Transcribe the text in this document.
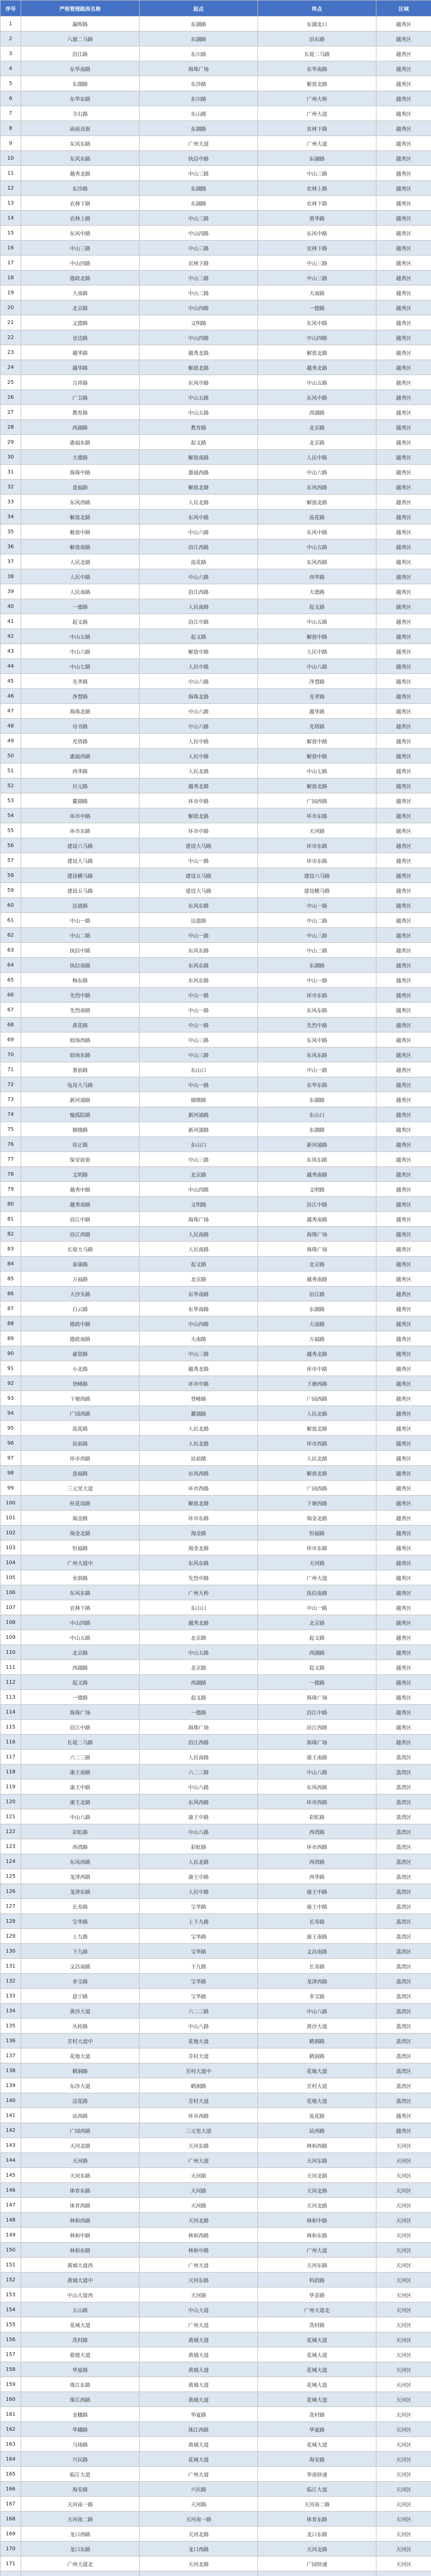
序号	严格管理路段名称	起点	终点	区域
1	凝晖路	东湖路	东湖北口	越秀区
2	八旗二马路	东湖路	沿东路	越秀区
3	沿江路	东川路	长堤二马路	越秀区
4	东华南路	海珠广场	东华南路	越秀区
5	东湖路	东沙路	解放北路	越秀区
6	东华东路	东川路	广州大桥	越秀区
7	寺右路	东山路	广州大道	越秀区
8	庙前直街	东湖路	农林下路	越秀区
9	东风东路	广州大道	广州大道	越秀区
10	东风东路	执信中路	东湖路	越秀区
11	越秀北路	中山三路	中山三路	越秀区
12	东沙路	东湖路	农林上路	越秀区
13	农林下路	东湖路	农林下路	越秀区
14	农林上路	中山三路	黄华路	越秀区
15	东风中路	中山四路	东风中路	越秀区
16	中山三路	中山三路	农林下路	越秀区
17	中山四路	农林下路	中山三路	越秀区
18	德政北路	中山三路	中山三路	越秀区
19	大南路	中山三路	大南路	越秀区
20	北京路	中山四路	一德路	越秀区
21	文德路	文明路	东风中路	越秀区
22	仓边路	中山四路	中山四路	越秀区
23	越华路	越秀北路	解放北路	越秀区
24	越华路	解放北路	越秀北路	越秀区
25	吉祥路	东风中路	中山五路	越秀区
26	广卫路	中山五路	东风中路	越秀区
27	教育路	中山五路	西湖路	越秀区
28	西湖路	教育路	北京路	越秀区
29	惠福东路	起义路	北京路	越秀区
30	大德路	解放南路	人民中路	越秀区
31	海珠中路	惠福西路	中山六路	越秀区
32	盘福路	解放北路	东风西路	越秀区
33	东风西路	人民北路	解放北路	越秀区
34	解放北路	东风中路	流花路	越秀区
35	解放中路	中山六路	东风中路	越秀区
36	解放南路	沿江西路	中山五路	越秀区
37	人民北路	流花路	东风西路	越秀区
38	人民中路	中山六路	西华路	越秀区
39	人民南路	沿江西路	大德路	越秀区
40	一德路	人民南路	起义路	越秀区
41	起义路	沿江中路	中山五路	越秀区
42	中山五路	起义路	解放中路	越秀区
43	中山六路	解放中路	人民中路	越秀区
44	中山七路	人民中路	中山八路	越秀区
45	光孝路	中山六路	净慧路	越秀区
46	净慧路	海珠北路	光孝路	越秀区
47	海珠北路	中山六路	越华路	越秀区
48	诗书路	中山六路	光塔路	越秀区
49	光塔路	人民中路	解放中路	越秀区
50	惠福西路	人民中路	解放中路	越秀区
51	西华路	人民北路	中山七路	越秀区
52	应元路	越秀北路	解放北路	越秀区
53	麓湖路	环市中路	广园西路	越秀区
54	环市中路	解放北路	环市东路	越秀区
55	环市东路	环市中路	天河路	越秀区
56	建设六马路	建设大马路	环市东路	越秀区
57	建设大马路	中山一路	环市东路	越秀区
58	建设横马路	建设五马路	建设六马路	越秀区
59	建设五马路	建设大马路	建设横马路	越秀区
60	达道路	东风东路	中山一路	越秀区
61	中山一路	达道路	中山二路	越秀区
62	中山二路	中山一路	中山三路	越秀区
63	执信中路	东风东路	中山二路	越秀区
64	执信南路	东风东路	东湖路	越秀区
65	梅东路	东风东路	中山一路	越秀区
66	先烈中路	中山一路	环市东路	越秀区
67	先烈南路	中山一路	东风东路	越秀区
68	黄花路	中山一路	先烈中路	越秀区
69	较场西路	中山三路	东风中路	越秀区
70	较场东路	中山三路	东风东路	越秀区
71	署前路	东山口	中山一路	越秀区
72	龟岗大马路	中山一路	东华东路	越秀区
73	新河浦路	烟墩路	东湖路	越秀区
74	恤孤院路	新河浦路	东山口	越秀区
75	烟墩路	新河浦路	东湖路	越秀区
76	培正路	东山口	新河浦路	越秀区
77	保安前街	中山三路	东风东路	越秀区
78	文明路	北京路	越秀南路	越秀区
79	越秀中路	中山四路	文明路	越秀区
80	越秀南路	文明路	沿江中路	越秀区
81	沿江中路	海珠广场	越秀南路	越秀区
82	沿江西路	人民南路	海珠广场	越秀区
83	长堤大马路	人民南路	海珠广场	越秀区
84	泰康路	起义路	北京路	越秀区
85	万福路	北京路	越秀南路	越秀区
86	大沙头路	东华南路	沿江路	越秀区
87	白云路	东华南路	东湖路	越秀区
88	德政中路	中山四路	大南路	越秀区
89	德政南路	大南路	万福路	越秀区
90	豪贤路	中山三路	越秀北路	越秀区
91	小北路	越秀北路	环市中路	越秀区
92	登峰路	环市中路	下塘西路	越秀区
93	下塘西路	登峰路	广园西路	越秀区
94	广园西路	麓湖路	人民北路	越秀区
95	流花路	人民北路	解放北路	越秀区
96	站前路	人民北路	环市西路	越秀区
97	环市西路	站前路	人民北路	越秀区
98	盘福路	东风西路	解放北路	越秀区
99	三元里大道	环市西路	广园西路	越秀区
100	桂花岗路	解放北路	下塘西路	越秀区
101	淘金路	环市东路	淘金北路	越秀区
102	淘金北路	淘金路	恒福路	越秀区
103	恒福路	淘金北路	环市东路	越秀区
104	广州大道中	东风东路	天河路	越秀区
105	水荫路	先烈中路	广州大道	越秀区
106	东风东路	广州大桥	执信南路	越秀区
107	农林下路	东山口	中山一路	越秀区
108	中山四路	越秀北路	北京路	越秀区
109	中山五路	北京路	起义路	越秀区
110	北京路	中山五路	西湖路	越秀区
111	西湖路	北京路	起义路	越秀区
112	起义路	西湖路	一德路	越秀区
113	一德路	起义路	海珠广场	越秀区
114	海珠广场	一德路	沿江中路	越秀区
115	沿江中路	海珠广场	沿江西路	越秀区
116	长堤二马路	沿江西路	海珠广场	越秀区
117	六二三路	人民南路	康王南路	荔湾区
118	康王南路	六二三路	中山八路	荔湾区
119	康王中路	中山八路	东风西路	荔湾区
120	康王北路	东风西路	环市西路	荔湾区
121	中山八路	康王中路	彩虹路	荔湾区
122	彩虹路	中山八路	西湾路	荔湾区
123	西湾路	彩虹路	环市西路	荔湾区
124	东风西路	人民北路	西湾路	荔湾区
125	龙津西路	康王中路	西华路	荔湾区
126	龙津东路	人民中路	康王中路	荔湾区
127	长寿路	宝华路	康王中路	荔湾区
128	宝华路	上下九路	长寿路	荔湾区
129	上九路	宝华路	康王南路	荔湾区
130	下九路	宝华路	文昌南路	荔湾区
131	文昌南路	下九路	长寿路	荔湾区
132	多宝路	宝华路	龙津西路	荔湾区
133	恩宁路	宝华路	多宝路	荔湾区
134	黄沙大道	六二三路	中山八路	荔湾区
135	丛桂路	中山八路	黄沙大道	荔湾区
136	芳村大道中	花地大道	鹤洞路	荔湾区
137	花地大道	芳村大道	鹤洞路	荔湾区
138	鹤洞路	芳村大道中	花地大道	荔湾区
139	东沙大道	鹤洞路	芳村大道	荔湾区
140	浣花路	芳村大道	花地大道	荔湾区
141	站西路	环市西路	流花路	越秀区
142	广园西路	三元里大道	站西路	越秀区
143	天河北路	天河东路	林和西路	天河区
144	天河路	广州大道	天河东路	天河区
145	天河东路	天河路	天河北路	天河区
146	体育东路	天河路	天河北路	天河区
147	体育西路	天河路	天河北路	天河区
148	林和西路	天河北路	林和中路	天河区
149	林和中路	林和西路	林和东路	天河区
150	林和东路	林和中路	广州大道	天河区
151	黄埔大道西	广州大道	天河东路	天河区
152	黄埔大道中	天河东路	科韵路	天河区
153	中山大道西	天河路	华景路	天河区
154	五山路	中山大道	广州大道北	天河区
155	花城大道	广州大道	冼村路	天河区
156	冼村路	黄埔大道	花城大道	天河区
157	猎德大道	黄埔大道	花城大道	天河区
158	华夏路	黄埔大道	花城大道	天河区
159	珠江东路	黄埔大道	花城大道	天河区
160	珠江西路	黄埔大道	花城大道	天河区
161	金穗路	华夏路	冼村路	天河区
162	华穗路	珠江西路	华夏路	天河区
163	马场路	黄埔大道	花城大道	天河区
164	兴民路	花城大道	海安路	天河区
165	临江大道	广州大道	华南快速	天河区
166	海安路	兴民路	临江大道	天河区
167	天河南一路	天河路	天河南二路	天河区
168	天河南二路	天河南一路	体育东路	天河区
169	龙口西路	天河北路	龙口东路	天河区
170	龙口东路	龙口西路	天河北路	天河区
171	广州大道北	天河北路	广园快速	天河区
